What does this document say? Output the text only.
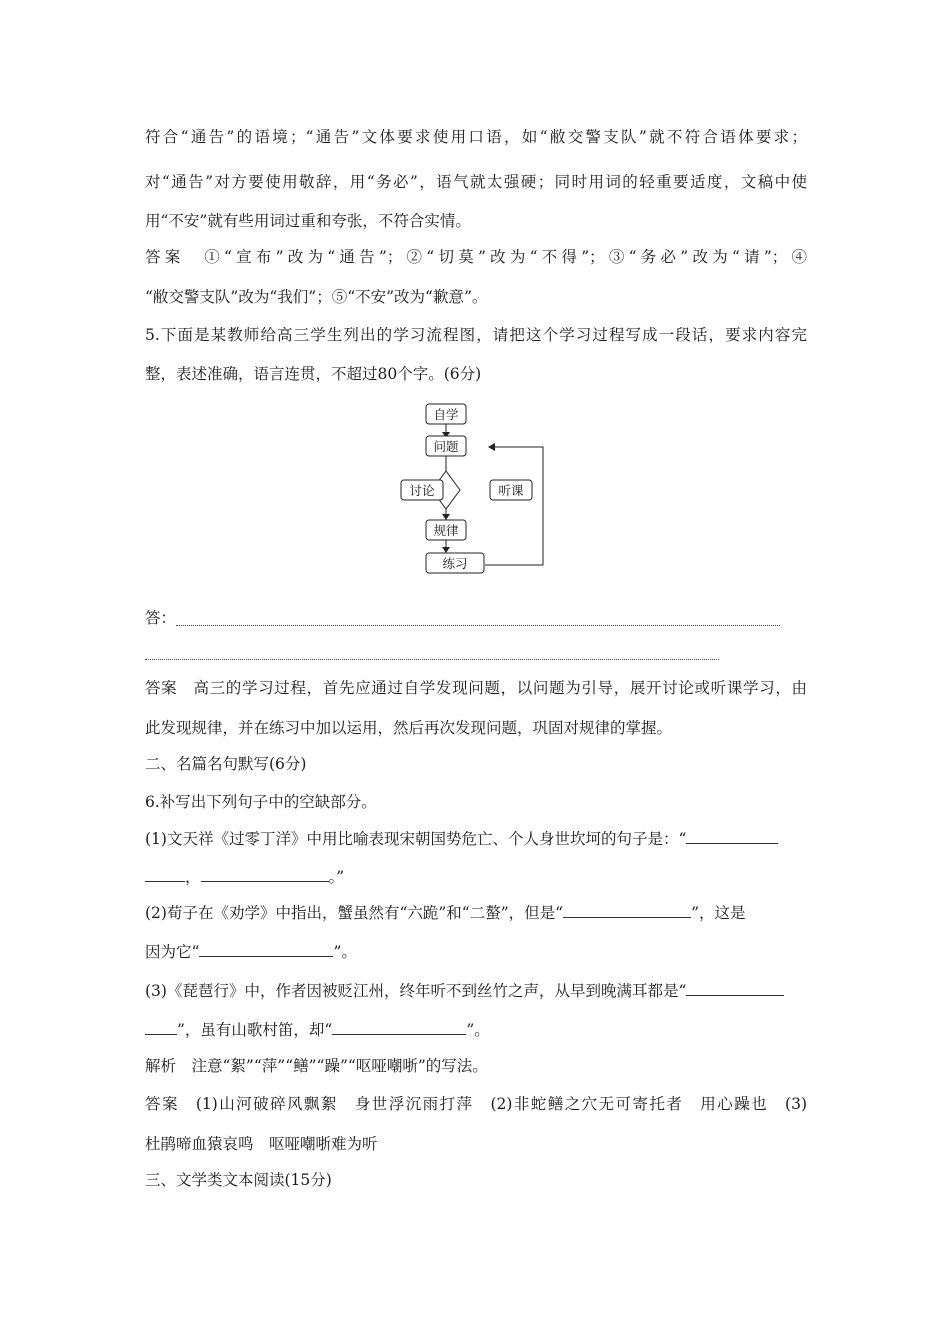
符合“通告”的语境；“通告”文体要求使用口语，如“敝交警支队”就不符合语体要求；
对“通告”对方要使用敬辞，用“务必”，语气就太强硬；同时用词的轻重要适度，文稿中使
用“不安”就有些用词过重和夸张，不符合实情。
答案　①“宣布”改为“通告”；②“切莫”改为“不得”；③“务必”改为“请”；④
“敝交警支队”改为“我们”；⑤“不安”改为“歉意”。
5.下面是某教师给高三学生列出的学习流程图，请把这个学习过程写成一段话，要求内容完
整，表述准确，语言连贯，不超过80个字。(6分)
自学
问题
讨论	听课
规律
练习
答：
答案　高三的学习过程，首先应通过自学发现问题，以问题为引导，展开讨论或听课学习，由
此发现规律，并在练习中加以运用，然后再次发现问题，巩固对规律的掌握。
二、名篇名句默写(6分)
6.补写出下列句子中的空缺部分。
(1)文天祥《过零丁洋》中用比喻表现宋朝国势危亡、个人身世坎坷的句子是：“
，	。”
(2)荀子在《劝学》中指出，蟹虽然有“六跪”和“二螯”，但是“	”，这是
因为它“	”。
(3)《琵琶行》中，作者因被贬江州，终年听不到丝竹之声，从早到晚满耳都是“
”，虽有山歌村笛，却“	”。
解析　注意“絮”“萍”“鳝”“躁”“呕哑嘲哳”的写法。
答案　(1)山河破碎风飘絮　身世浮沉雨打萍　(2)非蛇鳝之穴无可寄托者　用心躁也　(3)
杜鹃啼血猿哀鸣　呕哑嘲哳难为听
三、文学类文本阅读(15分)
